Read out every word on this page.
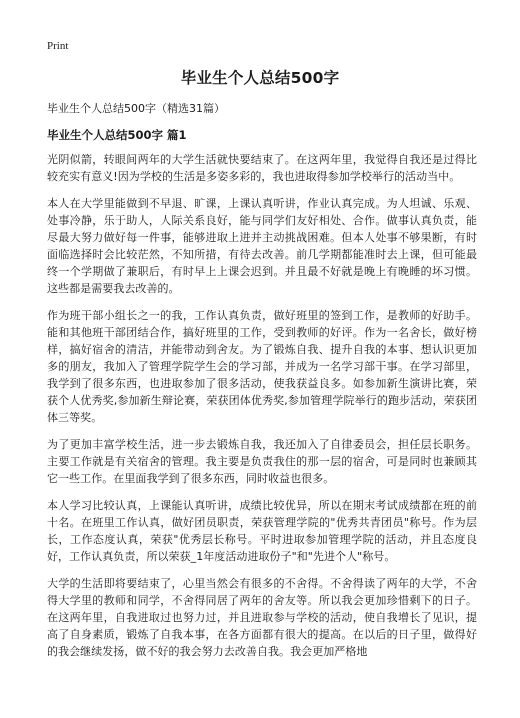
Print
毕业生个人总结500字

毕业生个人总结500字（精选31篇）

毕业生个人总结500字 篇1

光阴似箭，转眼间两年的大学生活就快要结束了。在这两年里，我觉得自我还是过得比较充实有意义!因为学校的生活是多姿多彩的，我也进取得参加学校举行的活动当中。

本人在大学里能做到不早退、旷课，上课认真听讲，作业认真完成。为人坦诚、乐观、处事冷静，乐于助人，人际关系良好，能与同学们友好相处、合作。做事认真负责，能尽最大努力做好每一件事，能够进取上进并主动挑战困难。但本人处事不够果断，有时面临选择时会比较茫然，不知所措，有待去改善。前几学期都能准时去上课，但可能最终一个学期做了兼职后，有时早上上课会迟到。并且最不好就是晚上有晚睡的坏习惯。这些都是需要我去改善的。

作为班干部小组长之一的我，工作认真负责，做好班里的签到工作，是教师的好助手。能和其他班干部团结合作，搞好班里的工作，受到教师的好评。作为一名舍长，做好榜样，搞好宿舍的清洁，并能带动到舍友。为了锻炼自我、提升自我的本事、想认识更加多的朋友，我加入了管理学院学生会的学习部，并成为一名学习部干事。在学习部里，我学到了很多东西，也进取参加了很多活动，使我获益良多。如参加新生演讲比赛，荣获个人优秀奖,参加新生辩论赛，荣获团体优秀奖,参加管理学院举行的跑步活动，荣获团体三等奖。

为了更加丰富学校生活，进一步去锻炼自我，我还加入了自律委员会，担任层长职务。主要工作就是有关宿舍的管理。我主要是负责我住的那一层的宿舍，可是同时也兼顾其它一些工作。在里面我学到了很多东西，同时收益也很多。

本人学习比较认真，上课能认真听讲，成绩比较优异，所以在期末考试成绩都在班的前十名。在班里工作认真，做好团员职责，荣获管理学院的"优秀共青团员"称号。作为层长，工作态度认真，荣获"优秀层长称号。平时进取参加管理学院的活动，并且态度良好，工作认真负责，所以荣获_1年度活动进取份子"和"先进个人"称号。

大学的生活即将要结束了，心里当然会有很多的不舍得。不舍得读了两年的大学，不舍得大学里的教师和同学，不舍得同居了两年的舍友等。所以我会更加珍惜剩下的日子。在这两年里，自我进取过也努力过，并且进取参与学校的活动，使自我增长了见识，提高了自身素质，锻炼了自我本事，在各方面都有很大的提高。在以后的日子里，做得好的我会继续发扬，做不好的我会努力去改善自我。我会更加严格地
